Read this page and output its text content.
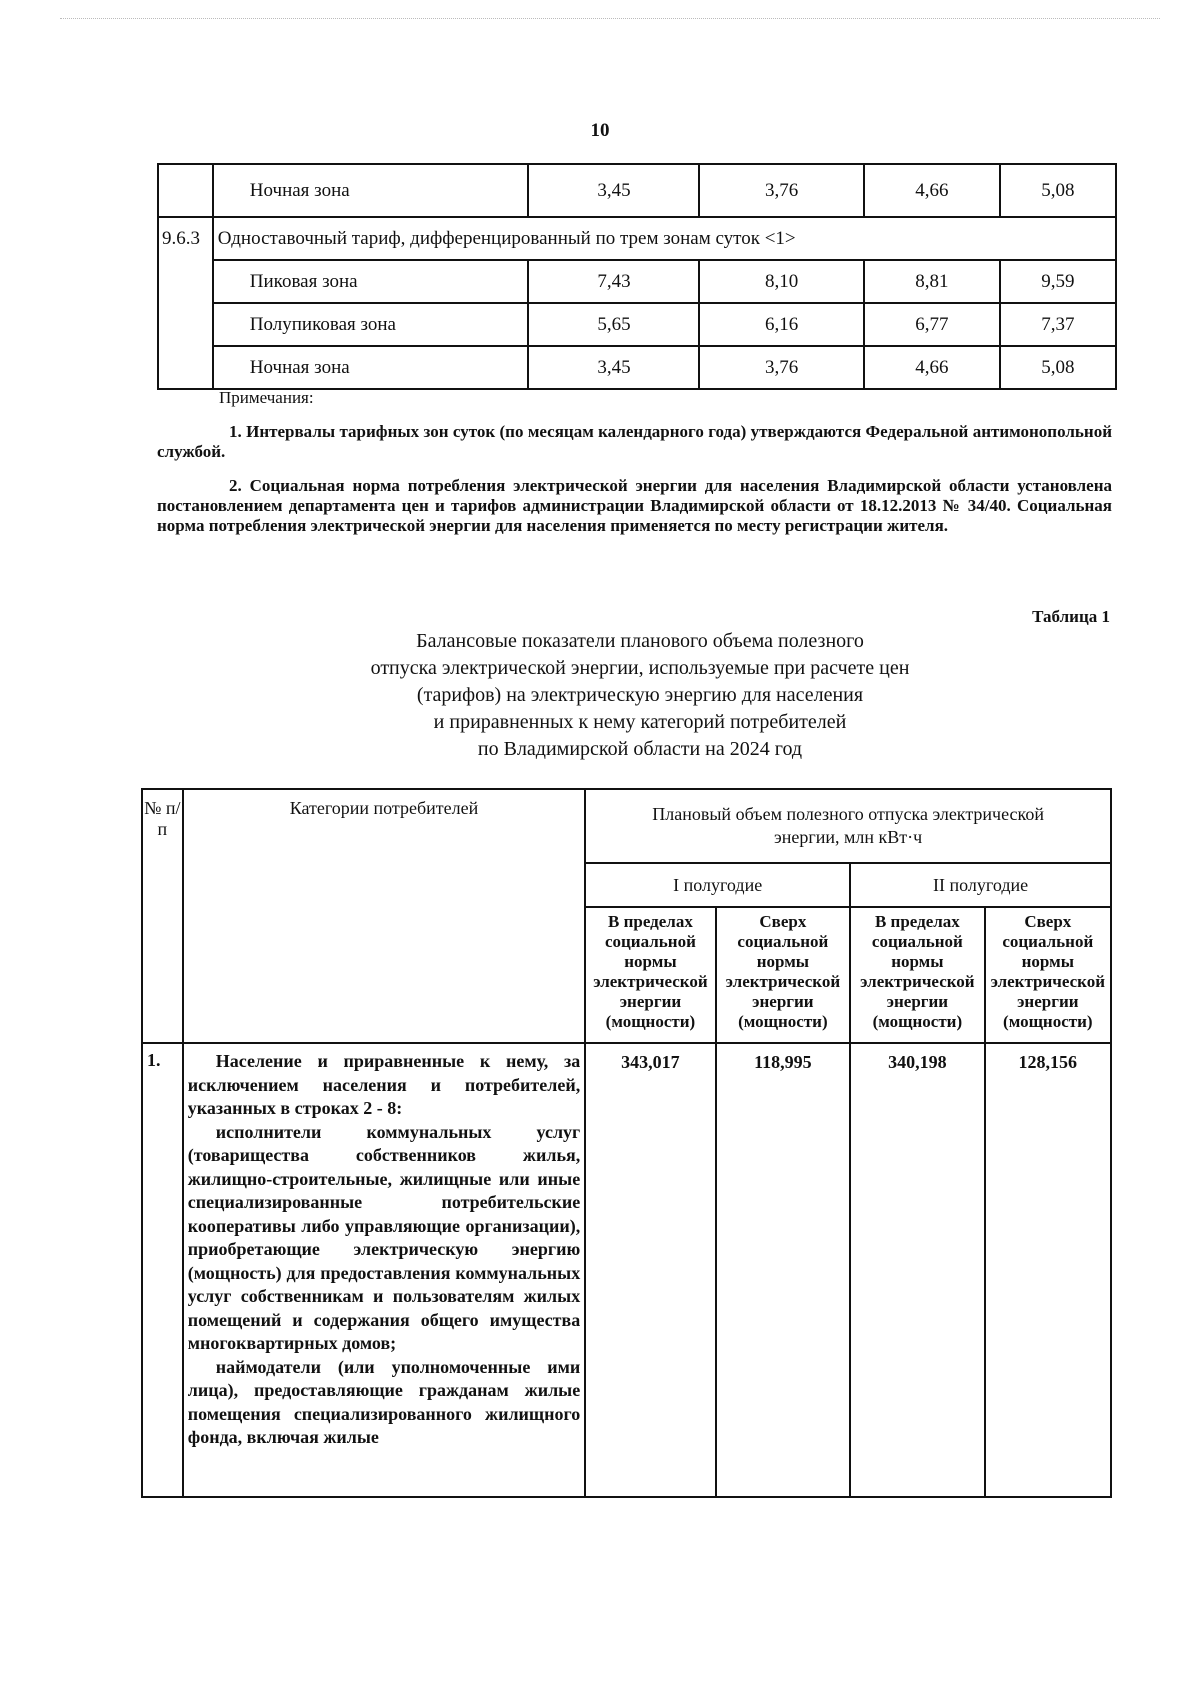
10
	Ночная зона	3,45	3,76	4,66	5,08
9.6.3	Одноставочный тариф, дифференцированный по трем зонам суток <1>				
	Пиковая зона	7,43	8,10	8,81	9,59
	Полупиковая зона	5,65	6,16	6,77	7,37
	Ночная зона	3,45	3,76	4,66	5,08

Примечания:

1. Интервалы тарифных зон суток (по месяцам календарного года) утверждаются Федеральной антимонопольной службой.

2. Социальная норма потребления электрической энергии для населения Владимирской области установлена постановлением департамента цен и тарифов администрации Владимирской области от 18.12.2013 № 34/40. Социальная норма потребления электрической энергии для населения применяется по месту регистрации жителя.

Таблица 1
Балансовые показатели планового объема полезного
отпуска электрической энергии, используемые при расчете цен
(тарифов) на электрическую энергию для населения
и приравненных к нему категорий потребителей
по Владимирской области на 2024 год
№ п/п	Категории потребителей	Плановый объем полезного отпуска электрической энергии, млн кВт·ч			
		I полугодие		II полугодие	
		В пределах социальной нормы электрической энергии (мощности)	Сверх социальной нормы электрической энергии (мощности)	В пределах социальной нормы электрической энергии (мощности)	Сверх социальной нормы электрической энергии (мощности)
1.	Население и приравненные к нему, за исключением населения и потребителей, указанных в строках 2 - 8:

исполнители коммунальных услуг (товарищества собственников жилья, жилищно-строительные, жилищные или иные специализированные потребительские кооперативы либо управляющие организации), приобретающие электрическую энергию (мощность) для предоставления коммунальных услуг собственникам и пользователям жилых помещений и содержания общего имущества многоквартирных домов;

наймодатели (или уполномоченные ими лица), предоставляющие гражданам жилые помещения специализированного жилищного фонда, включая жилые	343,017	118,995	340,198	128,156
